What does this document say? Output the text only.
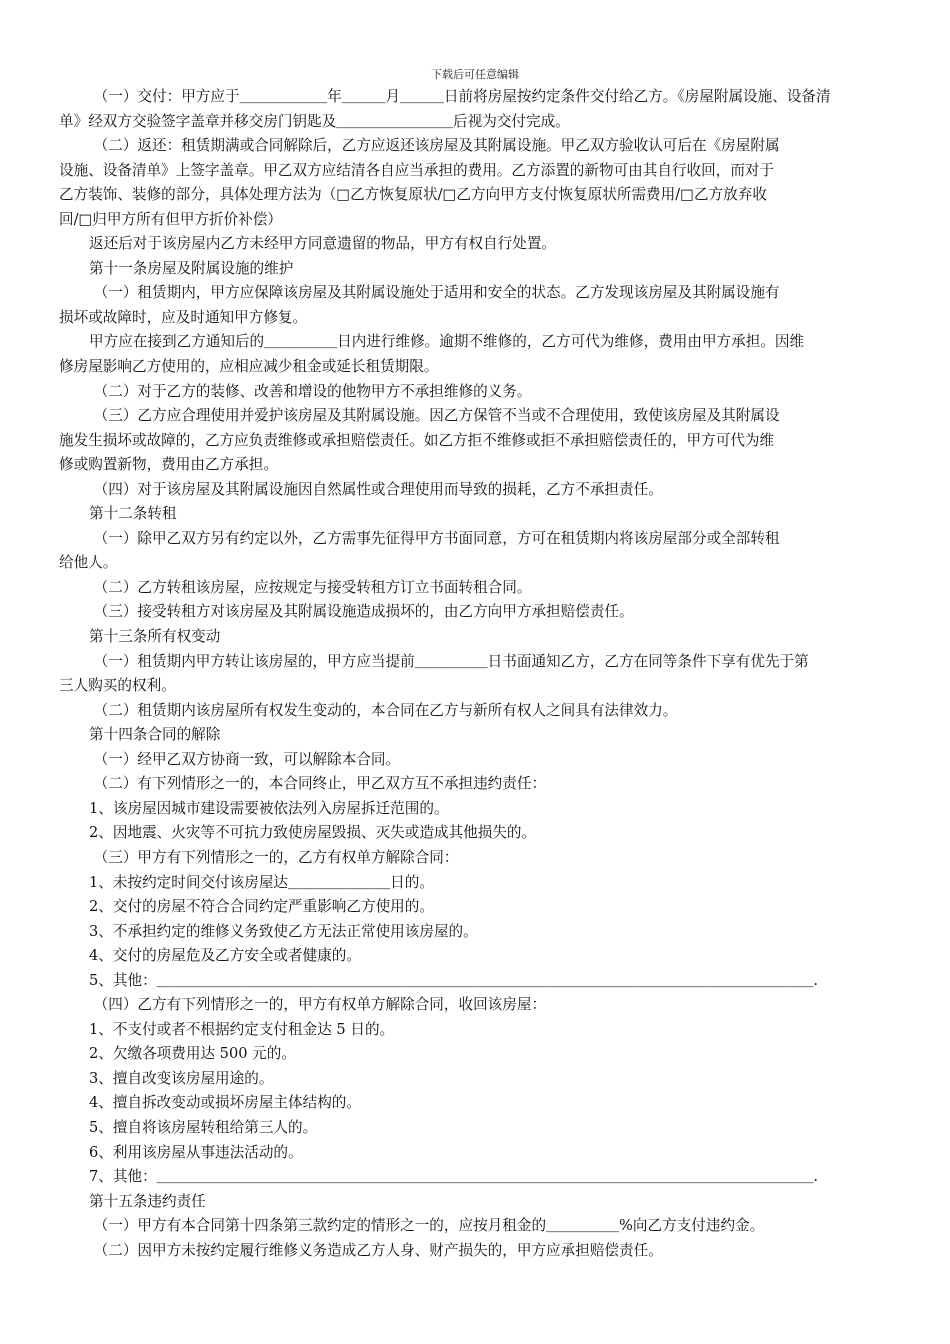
下载后可任意编辑
（一）交付：甲方应于＿＿＿＿＿＿年＿＿＿月＿＿＿日前将房屋按约定条件交付给乙方。《房屋附属设施、设备清
单》经双方交验签字盖章并移交房门钥匙及＿＿＿＿＿＿＿＿后视为交付完成。
（二）返还：租赁期满或合同解除后，乙方应返还该房屋及其附属设施。甲乙双方验收认可后在《房屋附属
设施、设备清单》上签字盖章。甲乙双方应结清各自应当承担的费用。乙方添置的新物可由其自行收回，而对于
乙方装饰、装修的部分，具体处理方法为（□乙方恢复原状/□乙方向甲方支付恢复原状所需费用/□乙方放弃收
回/□归甲方所有但甲方折价补偿）
返还后对于该房屋内乙方未经甲方同意遗留的物品，甲方有权自行处置。
第十一条房屋及附属设施的维护
（一）租赁期内，甲方应保障该房屋及其附属设施处于适用和安全的状态。乙方发现该房屋及其附属设施有
损坏或故障时，应及时通知甲方修复。
甲方应在接到乙方通知后的＿＿＿＿＿日内进行维修。逾期不维修的，乙方可代为维修，费用由甲方承担。因维
修房屋影响乙方使用的，应相应减少租金或延长租赁期限。
（二）对于乙方的装修、改善和增设的他物甲方不承担维修的义务。
（三）乙方应合理使用并爱护该房屋及其附属设施。因乙方保管不当或不合理使用，致使该房屋及其附属设
施发生损坏或故障的，乙方应负责维修或承担赔偿责任。如乙方拒不维修或拒不承担赔偿责任的，甲方可代为维
修或购置新物，费用由乙方承担。
（四）对于该房屋及其附属设施因自然属性或合理使用而导致的损耗，乙方不承担责任。
第十二条转租
（一）除甲乙双方另有约定以外，乙方需事先征得甲方书面同意，方可在租赁期内将该房屋部分或全部转租
给他人。
（二）乙方转租该房屋，应按规定与接受转租方订立书面转租合同。
（三）接受转租方对该房屋及其附属设施造成损坏的，由乙方向甲方承担赔偿责任。
第十三条所有权变动
（一）租赁期内甲方转让该房屋的，甲方应当提前＿＿＿＿＿日书面通知乙方，乙方在同等条件下享有优先于第
三人购买的权利。
（二）租赁期内该房屋所有权发生变动的，本合同在乙方与新所有权人之间具有法律效力。
第十四条合同的解除
（一）经甲乙双方协商一致，可以解除本合同。
（二）有下列情形之一的，本合同终止，甲乙双方互不承担违约责任：
1、该房屋因城市建设需要被依法列入房屋拆迁范围的。
2、因地震、火灾等不可抗力致使房屋毁损、灭失或造成其他损失的。
（三）甲方有下列情形之一的，乙方有权单方解除合同：
1、未按约定时间交付该房屋达＿＿＿＿＿＿＿日的。
2、交付的房屋不符合合同约定严重影响乙方使用的。
3、不承担约定的维修义务致使乙方无法正常使用该房屋的。
4、交付的房屋危及乙方安全或者健康的。
5、其他：＿＿＿＿＿＿＿＿＿＿＿＿＿＿＿＿＿＿＿＿＿＿＿＿＿＿＿＿＿＿＿＿＿＿＿＿＿＿＿＿＿＿＿＿＿.
（四）乙方有下列情形之一的，甲方有权单方解除合同，收回该房屋：
1、不支付或者不根据约定支付租金达 5 日的。
2、欠缴各项费用达 500 元的。
3、擅自改变该房屋用途的。
4、擅自拆改变动或损坏房屋主体结构的。
5、擅自将该房屋转租给第三人的。
6、利用该房屋从事违法活动的。
7、其他：＿＿＿＿＿＿＿＿＿＿＿＿＿＿＿＿＿＿＿＿＿＿＿＿＿＿＿＿＿＿＿＿＿＿＿＿＿＿＿＿＿＿＿＿＿.
第十五条违约责任
（一）甲方有本合同第十四条第三款约定的情形之一的，应按月租金的＿＿＿＿＿%向乙方支付违约金。
（二）因甲方未按约定履行维修义务造成乙方人身、财产损失的，甲方应承担赔偿责任。
